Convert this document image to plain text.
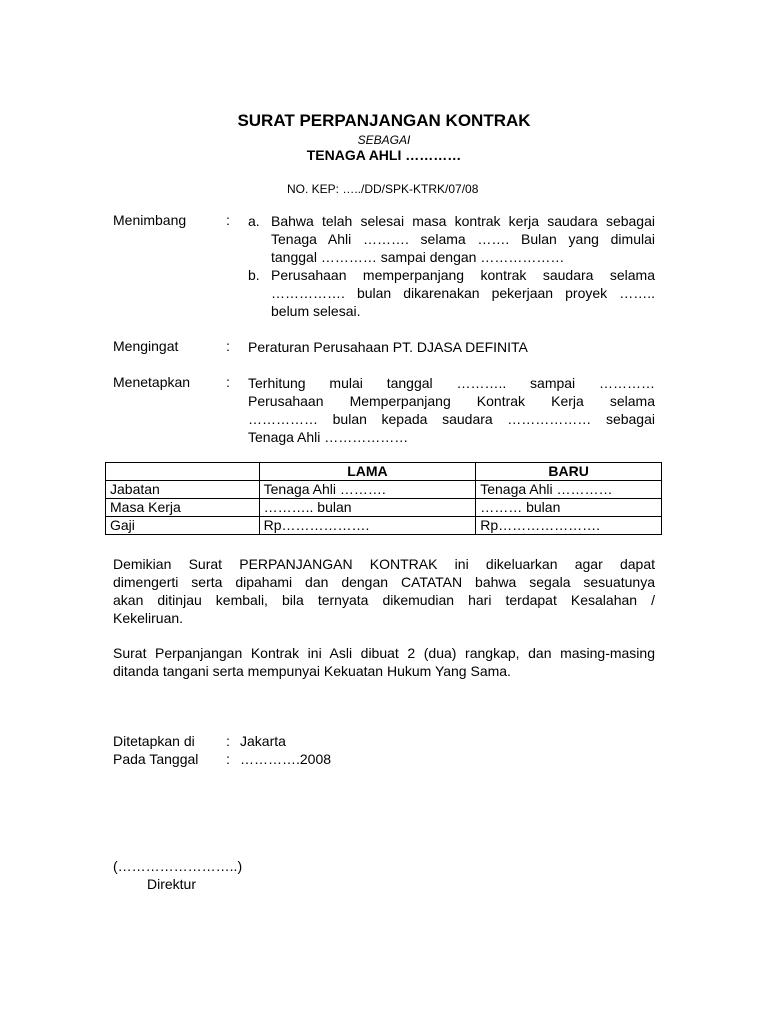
SURAT PERPANJANGAN KONTRAK
SEBAGAI
TENAGA AHLI …………
NO. KEP: …../DD/SPK-KTRK/07/08
Menimbang	: a. Bahwa telah selesai masa kontrak kerja saudara sebagai
Tenaga Ahli ………. selama ……. Bulan yang dimulai
tanggal ………… sampai dengan ………………
b. Perusahaan memperpanjang kontrak saudara selama
……………. bulan dikarenakan pekerjaan proyek ……..
belum selesai.
Mengingat	: Peraturan Perusahaan PT. DJASA DEFINITA
Menetapkan	: Terhitung mulai tanggal ……….. sampai …………
Perusahaan Memperpanjang Kontrak Kerja selama
…………… bulan kepada saudara ……………… sebagai
Tenaga Ahli ………………
	LAMA	BARU
Jabatan	Tenaga Ahli ……….	Tenaga Ahli …………
Masa Kerja	……….. bulan	……… bulan
Gaji	Rp……………….	Rp………………….
Demikian Surat PERPANJANGAN KONTRAK ini dikeluarkan agar dapat
dimengerti serta dipahami dan dengan CATATAN bahwa segala sesuatunya
akan ditinjau kembali, bila ternyata dikemudian hari terdapat Kesalahan /
Kekeliruan.
Surat Perpanjangan Kontrak ini Asli dibuat 2 (dua) rangkap, dan masing-masing
ditanda tangani serta mempunyai Kekuatan Hukum Yang Sama.
Ditetapkan di : Jakarta
Pada Tanggal : ………….2008
(……………………..)
Direktur
